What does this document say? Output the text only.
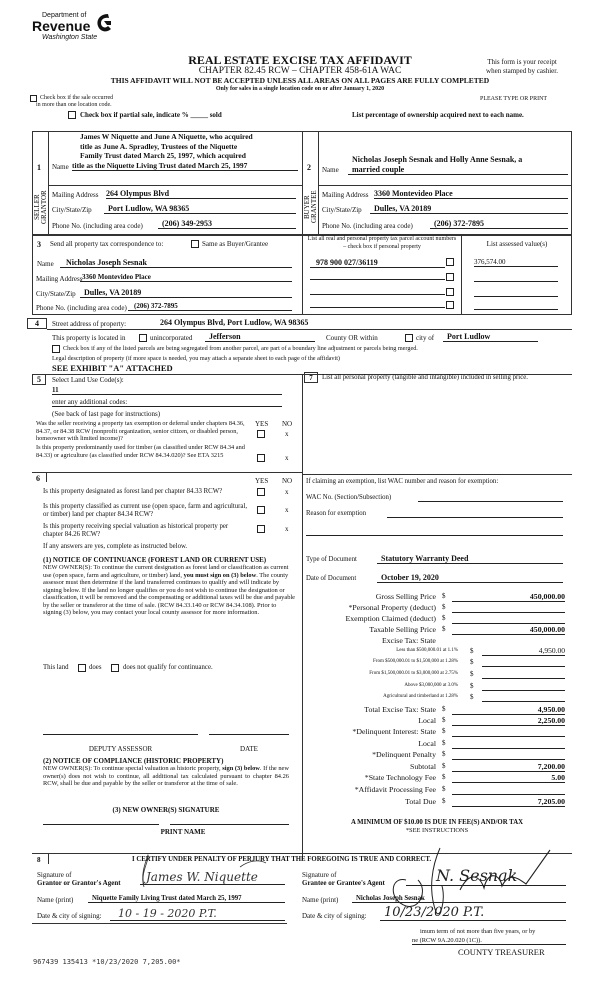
Department of
Revenue
Washington State
REAL ESTATE EXCISE TAX AFFIDAVIT
CHAPTER 82.45 RCW – CHAPTER 458-61A WAC
THIS AFFIDAVIT WILL NOT BE ACCEPTED UNLESS ALL AREAS ON ALL PAGES ARE FULLY COMPLETED
Only for sales in a single location code on or after January 1, 2020
This form is your receipt
when stamped by cashier.
Check box if the sale occurred
in more than one location code.
PLEASE TYPE OR PRINT
Check box if partial sale, indicate % _____ sold	List percentage of ownership acquired next to each name.
1
SELLER GRANTOR
Name
James W Niquette and June A Niquette, who acquired
title as June A. Spradley, Trustees of the Niquette
Family Trust dated March 25, 1997, which acquired
title as the Niquette Living Trust dated March 25, 1997
Mailing Address 264 Olympus Blvd
City/State/Zip	Port Ludlow, WA 98365
Phone No. (including area code)	(206) 349-2953
2
BUYER GRANTEE
Name
Nicholas Joseph Sesnak and Holly Anne Sesnak, a
married couple
Mailing Address 3360 Montevideo Place
City/State/Zip	Dulles, VA 20189
Phone No. (including area code)	(206) 372-7895
3 Send all property tax correspondence to:	Same as Buyer/Grantee
Name	Nicholas Joseph Sesnak
Mailing Address 3360 Montevideo Place
City/State/Zip	Dulles, VA 20189
Phone No. (including area code)	(206) 372-7895
List all real and personal property tax parcel account numbers – check box if personal property	List assessed value(s)
978 900 027/36119	376,574.00
4	Street address of property:	264 Olympus Blvd, Port Ludlow, WA 98365
This property is located in	unincorporated	Jefferson	County OR within	city of	Port Ludlow
Check box if any of the listed parcels are being segregated from another parcel, are part of a boundary line adjustment or parcels being merged.
Legal description of property (if more space is needed, you may attach a separate sheet to each page of the affidavit)
SEE EXHIBIT "A" ATTACHED
5	Select Land Use Code(s):
11
enter any additional codes:
(See back of last page for instructions)
YES NO
Was the seller receiving a property tax exemption or deferral under chapters 84.36, 84.37, or 84.38 RCW (nonprofit organization, senior citizen, or disabled person, homeowner with limited income)?
x
Is this property predominantly used for timber (as classified under RCW 84.34 and 84.33) or agriculture (as classified under RCW 84.34.020)? See ETA 3215	x
6	YES NO
Is this property designated as forest land per chapter 84.33 RCW?	x
Is this property classified as current use (open space, farm and agricultural, or timber) land per chapter 84.34 RCW?	x
Is this property receiving special valuation as historical property per chapter 84.26 RCW?
x
If any answers are yes, complete as instructed below.
(1) NOTICE OF CONTINUANCE (FOREST LAND OR CURRENT USE)
NEW OWNER(S): To continue the current designation as forest land or classification as current use (open space, farm and agriculture, or timber) land, you must sign on (3) below. The county assessor must then determine if the land transferred continues to qualify and will indicate by signing below. If the land no longer qualifies or you do not wish to continue the designation or classification, it will be removed and the compensating or additional taxes will be due and payable by the seller or transferor at the time of sale. (RCW 84.33.140 or RCW 84.34.108). Prior to signing (3) below, you may contact your local county assessor for more information.
This land	does	does not qualify for continuance.
DEPUTY ASSESSOR	DATE
(2) NOTICE OF COMPLIANCE (HISTORIC PROPERTY)
NEW OWNER(S): To continue special valuation as historic property, sign (3) below. If the new owner(s) does not wish to continue, all additional tax calculated pursuant to chapter 84.26 RCW, shall be due and payable by the seller or transferor at the time of sale.
(3) NEW OWNER(S) SIGNATURE
PRINT NAME
7	List all personal property (tangible and intangible) included in selling price.
If claiming an exemption, list WAC number and reason for exemption:
WAC No. (Section/Subsection)
Reason for exemption
Type of Document	Statutory Warranty Deed
Date of Document	October 19, 2020
Gross Selling Price $	450,000.00
*Personal Property (deduct) $
Exemption Claimed (deduct) $
Taxable Selling Price $	450,000.00
Excise Tax: State
Less than $500,000.01 at 1.1% $	4,950.00
From $500,000.01 to $1,500,000 at 1.28% $
From $1,500,000.01 to $3,000,000 at 2.75% $
Above $3,000,000 at 3.0% $
Agricultural and timberland at 1.28% $
Total Excise Tax: State $	4,950.00
Local $	2,250.00
*Delinquent Interest: State $
Local $
*Delinquent Penalty $
Subtotal $	7,200.00
*State Technology Fee $	5.00
*Affidavit Processing Fee $
Total Due $	7,205.00
A MINIMUM OF $10.00 IS DUE IN FEE(S) AND/OR TAX
*SEE INSTRUCTIONS
8	I CERTIFY UNDER PENALTY OF PERJURY THAT THE FOREGOING IS TRUE AND CORRECT.
Signature of
Grantor or Grantor's Agent	James W. Niquette
Name (print)	Niquette Family Living Trust dated March 25, 1997
Date & city of signing:	10 - 19 - 2020 P.T.
Signature of
Grantee or Grantee's Agent	N. Sesnak
Name (print)	Nicholas Joseph Sesnak
Date & city of signing:	10/23/2020 P.T.
imum term of not more than five years, or by
ne (RCW 9A.20.020 (1C)).
COUNTY TREASURER
967439 135413 *10/23/2020 7,205.00*
